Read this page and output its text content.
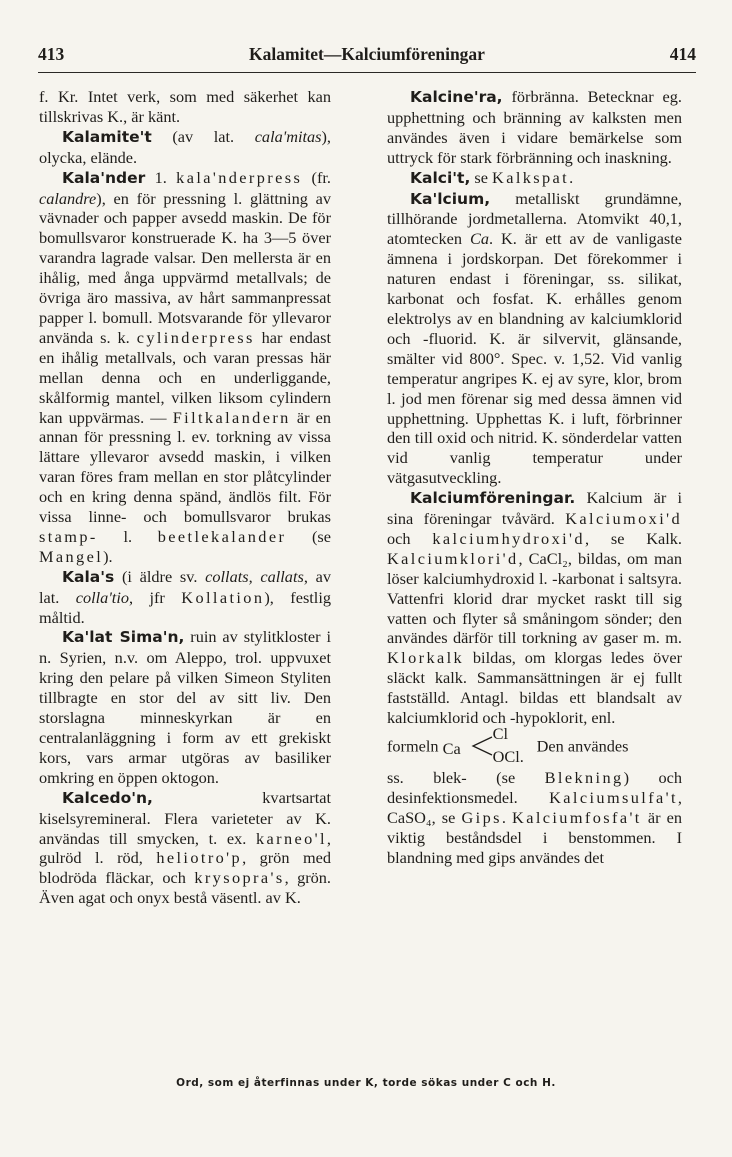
413	Kalamitet—Kalciumföreningar	414

f. Kr. Intet verk, som med säkerhet kan tillskrivas K., är känt.

Kalamite't (av lat. cala'mitas), olycka, elände.

Kala'nder 1. kala'nderpress (fr. calandre), en för pressning l. glättning av vävnader och papper avsedd maskin. De för bomullsvaror konstruerade K. ha 3—5 över varandra lagrade valsar. Den mellersta är en ihålig, med ånga uppvärmd metallvals; de övriga äro massiva, av hårt sammanpressat papper l. bomull. Motsvarande för yllevaror använda s. k. cylinderpress har endast en ihålig metallvals, och varan pressas här mellan denna och en underliggande, skålformig mantel, vilken liksom cylindern kan uppvärmas. — Filtkalandern är en annan för pressning l. ev. torkning av vissa lättare yllevaror avsedd maskin, i vilken varan föres fram mellan en stor plåtcylinder och en kring denna spänd, ändlös filt. För vissa linne- och bomullsvaror brukas stamp- l. beetlekalander (se Mangel).

Kala's (i äldre sv. collats, callats, av lat. colla'tio, jfr Kollation), festlig måltid.

Ka'lat Sima'n, ruin av stylitkloster i n. Syrien, n.v. om Aleppo, trol. uppvuxet kring den pelare på vilken Simeon Styliten tillbragte en stor del av sitt liv. Den storslagna minneskyrkan är en centralanläggning i form av ett grekiskt kors, vars armar utgöras av basiliker omkring en öppen oktogon.

Kalcedo'n, kvartsartat kiselsyremineral. Flera varieteter av K. användas till smycken, t. ex. karneo'l, gulröd l. röd, heliotro'p, grön med blodröda fläckar, och krysopra's, grön. Även agat och onyx bestå väsentl. av K.

Kalcine'ra, förbränna. Betecknar eg. upphettning och bränning av kalksten men användes även i vidare bemärkelse som uttryck för stark förbränning och inaskning.

Kalci't, se Kalkspat.

Ka'lcium, metalliskt grundämne, tillhörande jordmetallerna. Atomvikt 40,1, atomtecken Ca. K. är ett av de vanligaste ämnena i jordskorpan. Det förekommer i naturen endast i föreningar, ss. silikat, karbonat och fosfat. K. erhålles genom elektrolys av en blandning av kalciumklorid och -fluorid. K. är silvervit, glänsande, smälter vid 800°. Spec. v. 1,52. Vid vanlig temperatur angripes K. ej av syre, klor, brom l. jod men förenar sig med dessa ämnen vid upphettning. Upphettas K. i luft, förbrinner den till oxid och nitrid. K. sönderdelar vatten vid vanlig temperatur under vätgasutveckling.

Kalciumföreningar. Kalcium är i sina föreningar tvåvärd. Kalciumoxi'd och kalciumhydroxi'd, se Kalk. Kalciumklori'd, CaCl₂, bildas, om man löser kalciumhydroxid l. -karbonat i saltsyra. Vattenfri klorid drar mycket raskt till sig vatten och flyter så småningom sönder; den användes därför till torkning av gaser m. m. Klorkalk bildas, om klorgas ledes över släckt kalk. Sammansättningen är ej fullt fastställd. Antagl. bildas ett blandsalt av kalciumklorid och -hypoklorit, enl.

formeln Ca
Cl
OCl.
Den användes

ss. blek- (se Blekning) och desinfektionsmedel. Kalciumsulfa't, CaSO₄, se Gips. Kalciumfosfa't är en viktig beståndsdel i benstommen. I blandning med gips användes det

Ord, som ej återfinnas under K, torde sökas under C och H.
